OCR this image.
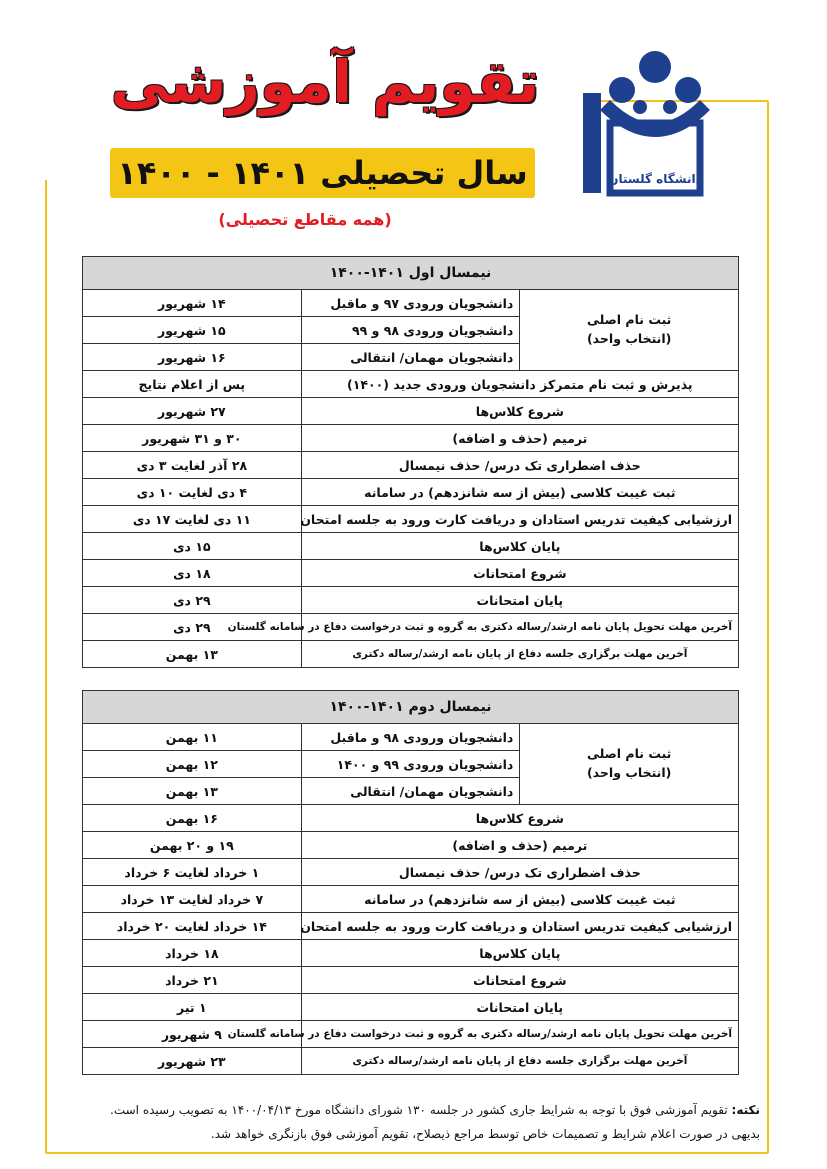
دانشگاه گلستان
تقویم آموزشی
سال تحصیلی ۱۴۰۱ - ۱۴۰۰
(همه مقاطع تحصیلی)
نیمسال اول ۱۴۰۱-۱۴۰۰		

ثبت نام اصلی
(انتخاب واحد)	دانشجویان ورودی ۹۷ و ماقبل	۱۴ شهریور
	دانشجویان ورودی ۹۸ و ۹۹	۱۵ شهریور
	دانشجویان مهمان/ انتقالی	۱۶ شهریور
پذیرش و ثبت نام متمرکز دانشجویان ورودی جدید (۱۴۰۰)		پس از اعلام نتایج
شروع کلاس‌ها		۲۷ شهریور
ترمیم (حذف و اضافه)		۳۰ و ۳۱ شهریور
حذف اضطراری تک درس/ حذف نیمسال		۲۸ آذر لغایت ۳ دی
ثبت غیبت کلاسی (بیش از سه شانزدهم) در سامانه		۴ دی لغایت ۱۰ دی
ارزشیابی کیفیت تدریس استادان و دریافت کارت ورود به جلسه امتحان		۱۱ دی لغایت ۱۷ دی
پایان کلاس‌ها		۱۵ دی
شروع امتحانات		۱۸ دی
پایان امتحانات		۲۹ دی
آخرین مهلت تحویل پایان نامه ارشد/رساله دکتری به گروه و ثبت درخواست دفاع در سامانه گلستان		۲۹ دی
آخرین مهلت برگزاری جلسه دفاع از پایان نامه ارشد/رساله دکتری		۱۳ بهمن
نیمسال دوم ۱۴۰۱-۱۴۰۰		

ثبت نام اصلی
(انتخاب واحد)	دانشجویان ورودی ۹۸ و ماقبل	۱۱ بهمن
	دانشجویان ورودی ۹۹ و ۱۴۰۰	۱۲ بهمن
	دانشجویان مهمان/ انتقالی	۱۳ بهمن
شروع کلاس‌ها		۱۶ بهمن
ترمیم (حذف و اضافه)		۱۹ و ۲۰ بهمن
حذف اضطراری تک درس/ حذف نیمسال		۱ خرداد لغایت ۶ خرداد
ثبت غیبت کلاسی (بیش از سه شانزدهم) در سامانه		۷ خرداد لغایت ۱۳ خرداد
ارزشیابی کیفیت تدریس استادان و دریافت کارت ورود به جلسه امتحان		۱۴ خرداد لغایت ۲۰ خرداد
پایان کلاس‌ها		۱۸ خرداد
شروع امتحانات		۲۱ خرداد
پایان امتحانات		۱ تیر
آخرین مهلت تحویل پایان نامه ارشد/رساله دکتری به گروه و ثبت درخواست دفاع در سامانه گلستان		۹ شهریور
آخرین مهلت برگزاری جلسه دفاع از پایان نامه ارشد/رساله دکتری		۲۳ شهریور
نکته: تقویم آموزشی فوق با توجه به شرایط جاری کشور در جلسه ۱۳۰ شورای دانشگاه مورخ ۱۴۰۰/۰۴/۱۳ به تصویب رسیده است. بدیهی در صورت اعلام شرایط و تصمیمات خاص توسط مراجع ذیصلاح، تقویم آموزشی فوق بازنگری خواهد شد.
